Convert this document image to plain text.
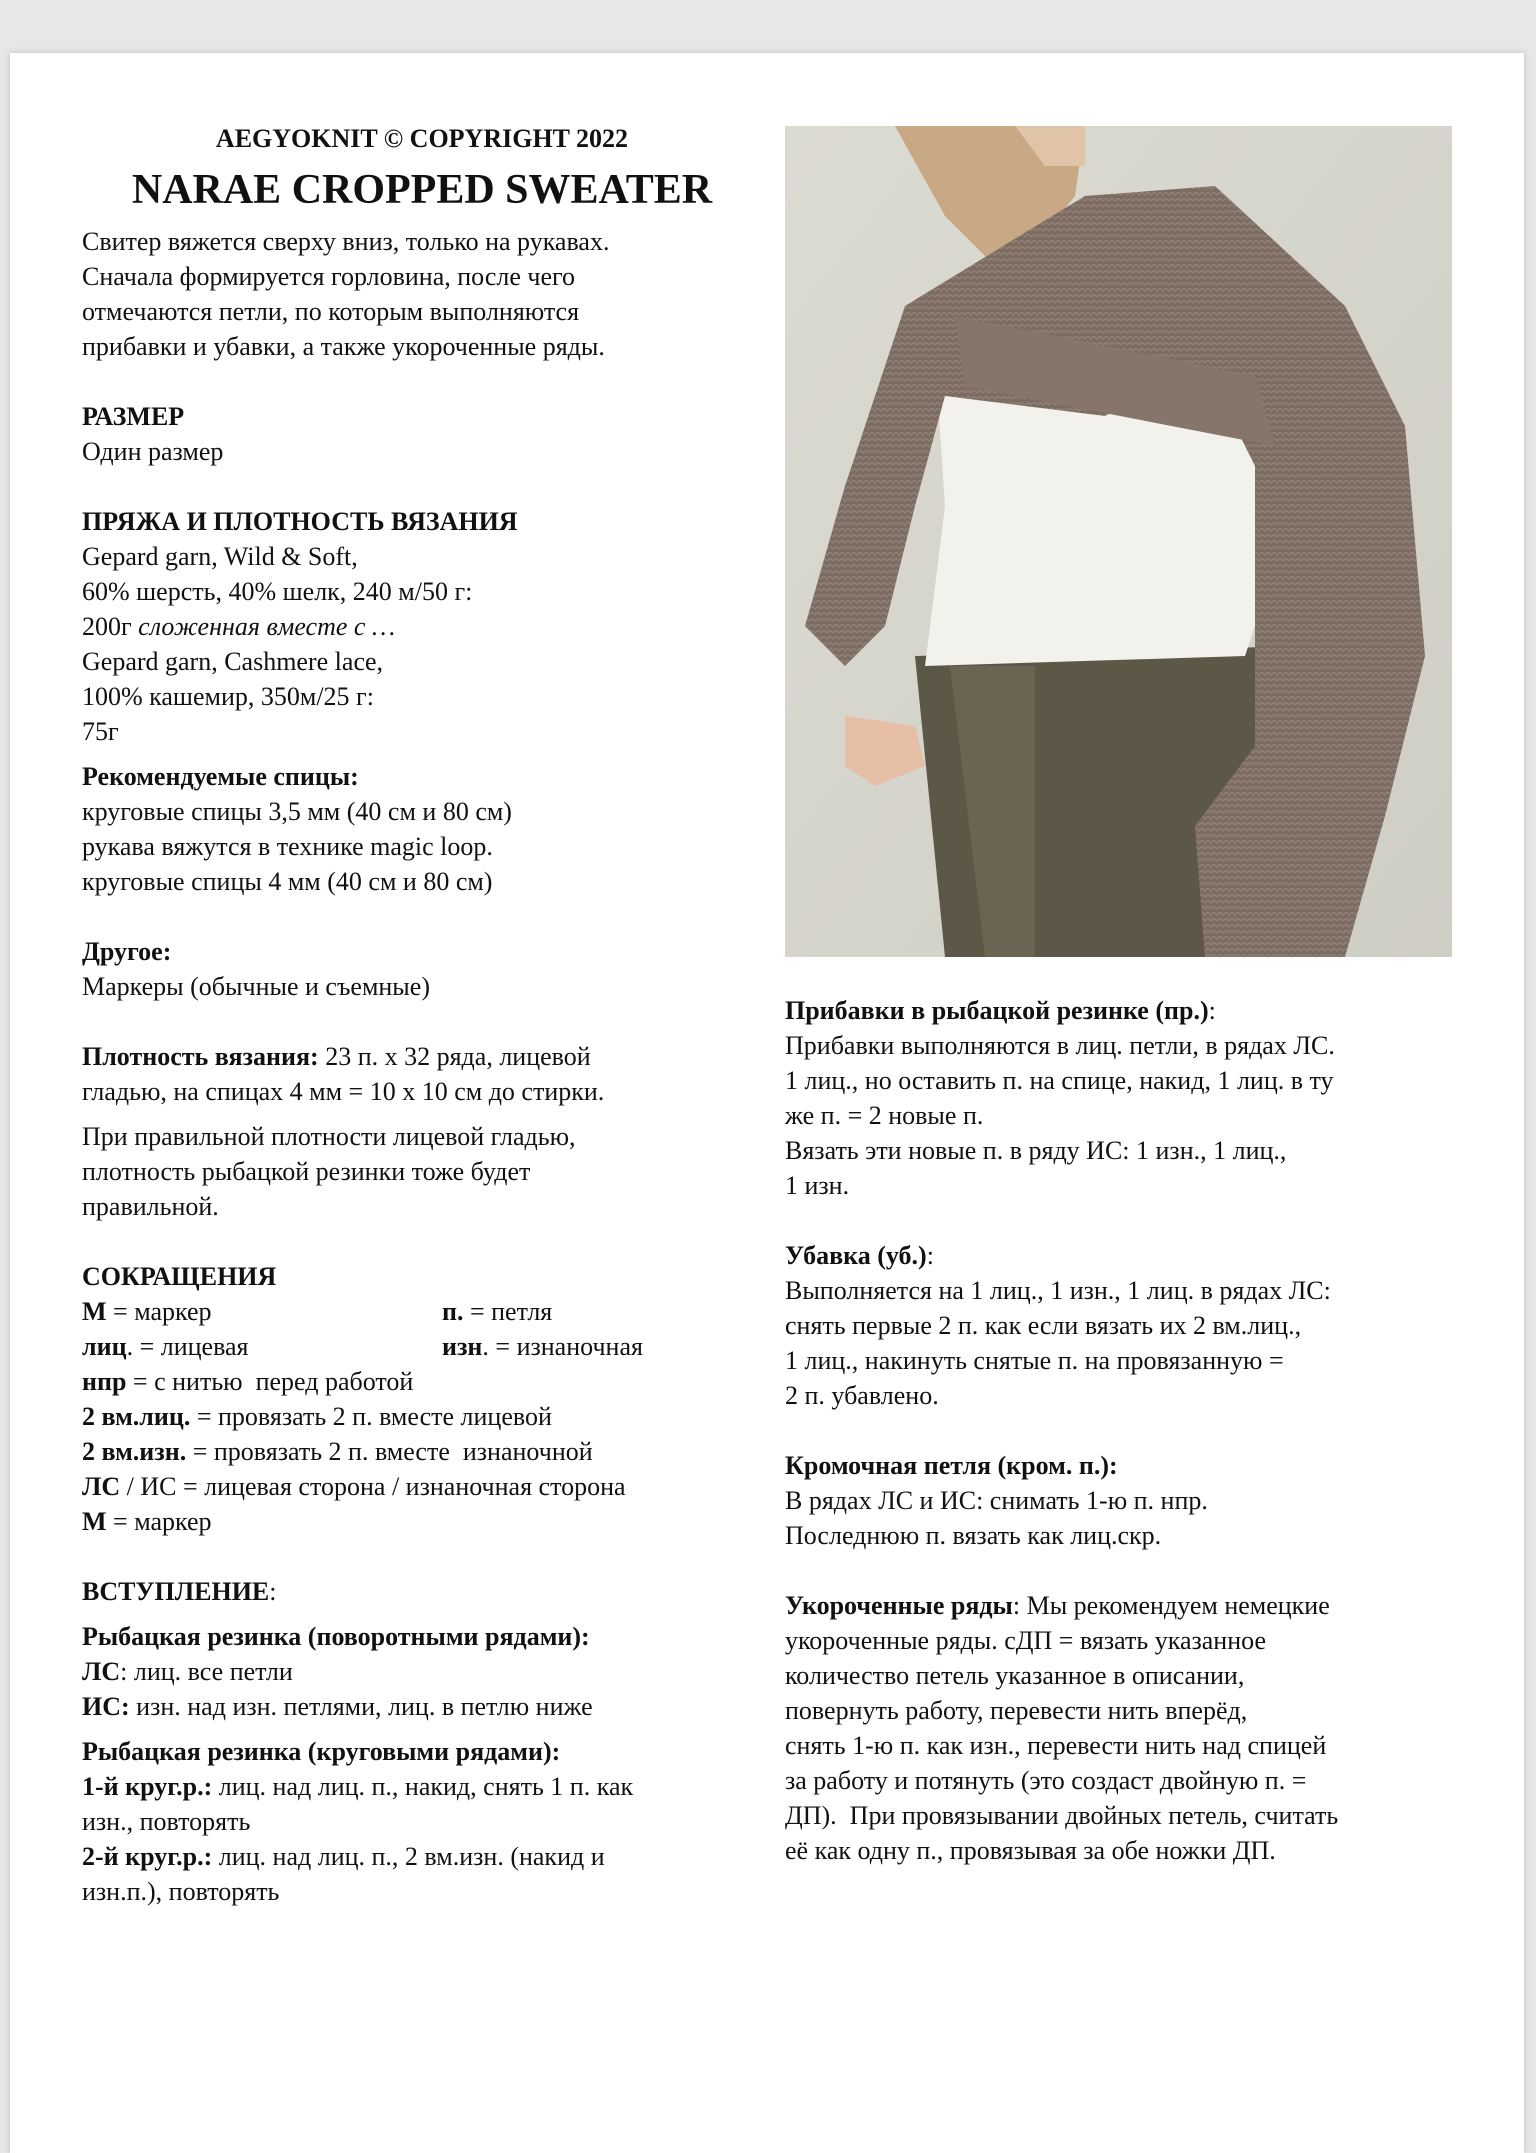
AEGYOKNIT © COPYRIGHT 2022
NARAE CROPPED SWEATER

Свитер вяжется сверху вниз, только на рукавах.

Сначала формируется горловина, после чего

отмечаются петли, по которым выполняются

прибавки и убавки, а также укороченные ряды.

РАЗМЕР

Один размер

ПРЯЖА И ПЛОТНОСТЬ ВЯЗАНИЯ

Gepard garn, Wild & Soft,

60% шерсть, 40% шелк, 240 м/50 г:

200г сложенная вместе с …

Gepard garn, Cashmere lace,

100% кашемир, 350м/25 г:

75г

Рекомендуемые спицы:

круговые спицы 3,5 мм (40 см и 80 см)

рукава вяжутся в технике magic loop.

круговые спицы 4 мм (40 см и 80 см)

Другое:

Маркеры (обычные и съемные)

Плотность вязания: 23 п. х 32 ряда, лицевой

гладью, на спицах 4 мм = 10 х 10 см до стирки.

При правильной плотности лицевой гладью,

плотность рыбацкой резинки тоже будет

правильной.

СОКРАЩЕНИЯ

М = маркер	п. = петля
лиц. = лицевая	изн. = изнаночная

нпр = с нитью  перед работой

2 вм.лиц. = провязать 2 п. вместе лицевой

2 вм.изн. = провязать 2 п. вместе  изнаночной

ЛС / ИС = лицевая сторона / изнаночная сторона

М = маркер

ВСТУПЛЕНИЕ:

Рыбацкая резинка (поворотными рядами):

ЛС: лиц. все петли

ИС: изн. над изн. петлями, лиц. в петлю ниже

Рыбацкая резинка (круговыми рядами):

1-й круг.р.: лиц. над лиц. п., накид, снять 1 п. как

изн., повторять

2-й круг.р.: лиц. над лиц. п., 2 вм.изн. (накид и

изн.п.), повторять

Прибавки в рыбацкой резинке (пр.):

Прибавки выполняются в лиц. петли, в рядах ЛС.

1 лиц., но оставить п. на спице, накид, 1 лиц. в ту

же п. = 2 новые п.

Вязать эти новые п. в ряду ИС: 1 изн., 1 лиц.,

1 изн.

Убавка (уб.):

Выполняется на 1 лиц., 1 изн., 1 лиц. в рядах ЛС:

снять первые 2 п. как если вязать их 2 вм.лиц.,

1 лиц., накинуть снятые п. на провязанную =

2 п. убавлено.

Кромочная петля (кром. п.):

В рядах ЛС и ИС: снимать 1-ю п. нпр.

Последнюю п. вязать как лиц.скр.

Укороченные ряды: Мы рекомендуем немецкие

укороченные ряды. сДП = вязать указанное

количество петель указанное в описании,

повернуть работу, перевести нить вперёд,

снять 1-ю п. как изн., перевести нить над спицей

за работу и потянуть (это создаст двойную п. =

ДП).  При провязывании двойных петель, считать

её как одну п., провязывая за обе ножки ДП.
